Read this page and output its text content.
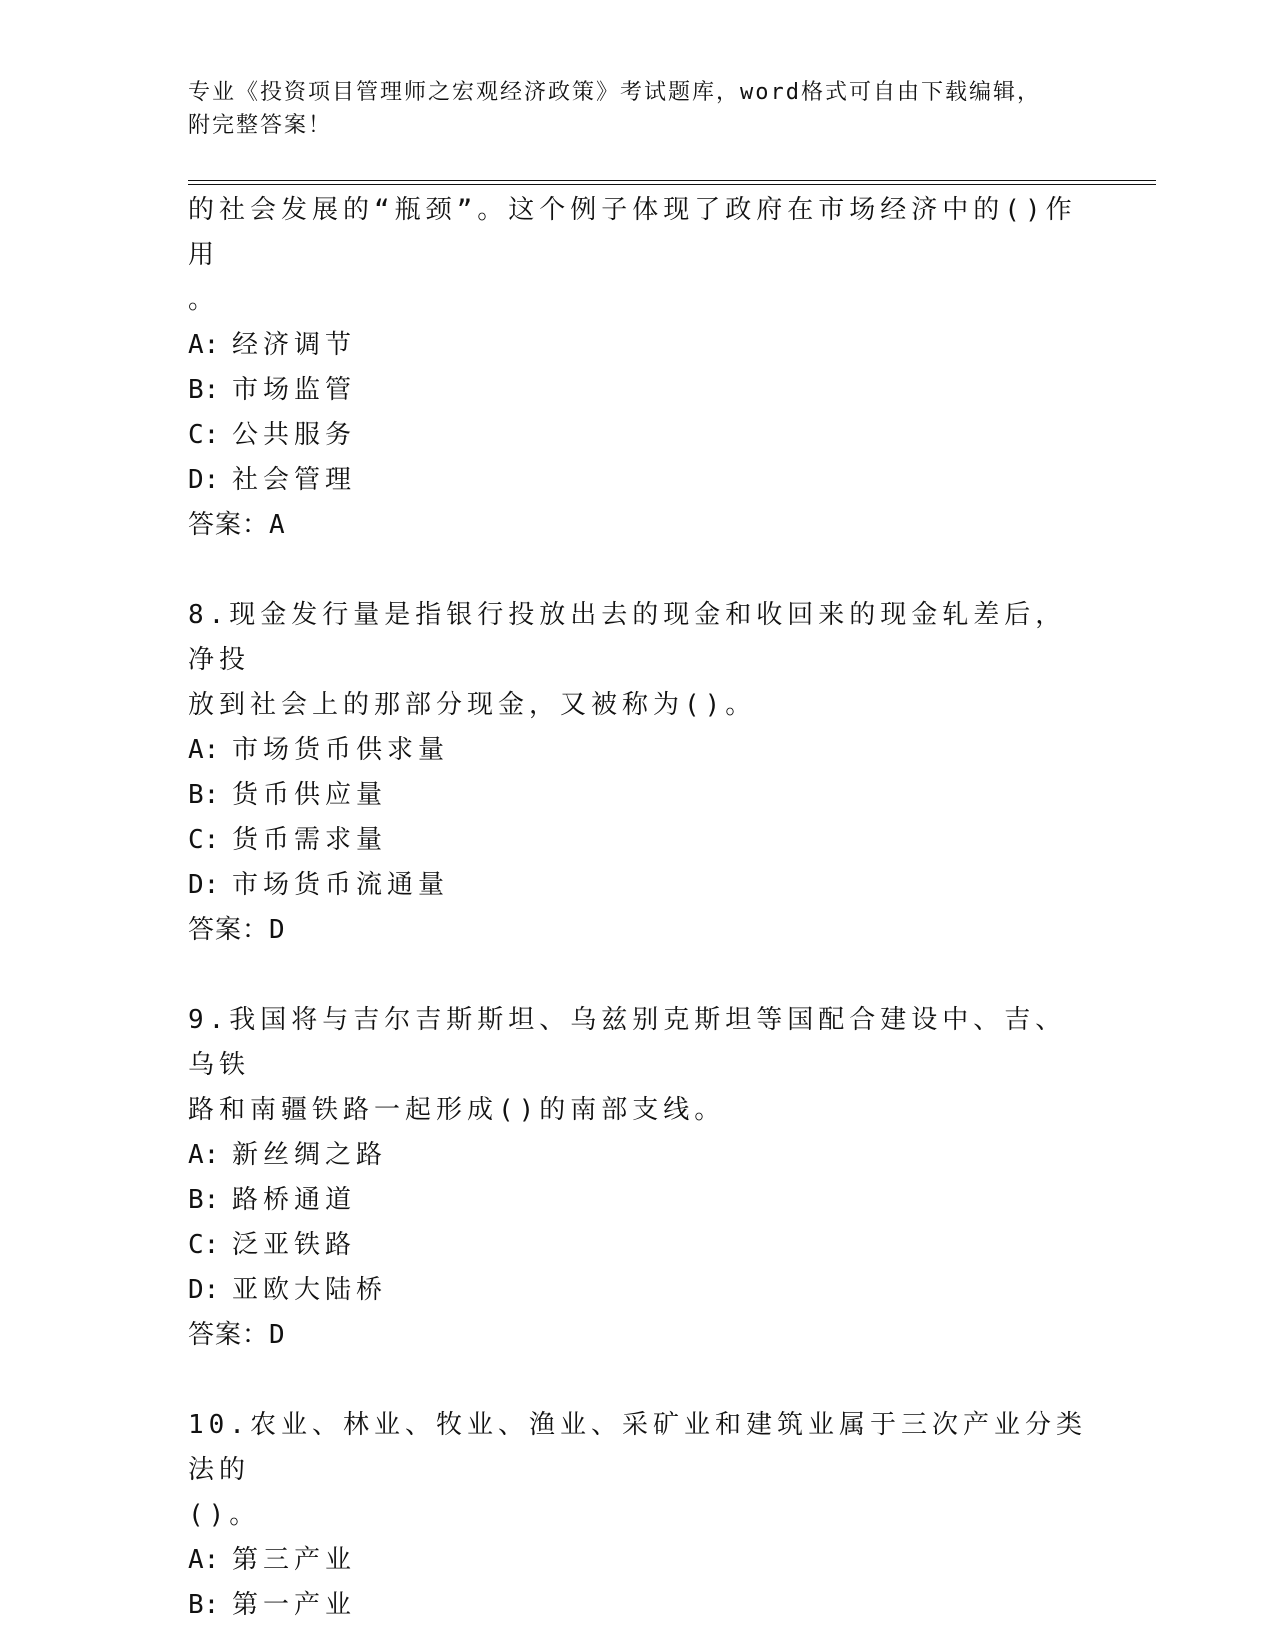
专业《投资项目管理师之宏观经济政策》考试题库，word格式可自由下载编辑，
附完整答案！

的社会发展的“瓶颈”。这个例子体现了政府在市场经济中的()作用

。

A: 经济调节

B: 市场监管

C: 公共服务

D: 社会管理

答案：A

8.现金发行量是指银行投放出去的现金和收回来的现金轧差后，净投

放到社会上的那部分现金，又被称为()。

A: 市场货币供求量

B: 货币供应量

C: 货币需求量

D: 市场货币流通量

答案：D

9.我国将与吉尔吉斯斯坦、乌兹别克斯坦等国配合建设中、吉、乌铁

路和南疆铁路一起形成()的南部支线。

A: 新丝绸之路

B: 路桥通道

C: 泛亚铁路

D: 亚欧大陆桥

答案：D

10.农业、林业、牧业、渔业、采矿业和建筑业属于三次产业分类法的

()。

A: 第三产业

B: 第一产业
